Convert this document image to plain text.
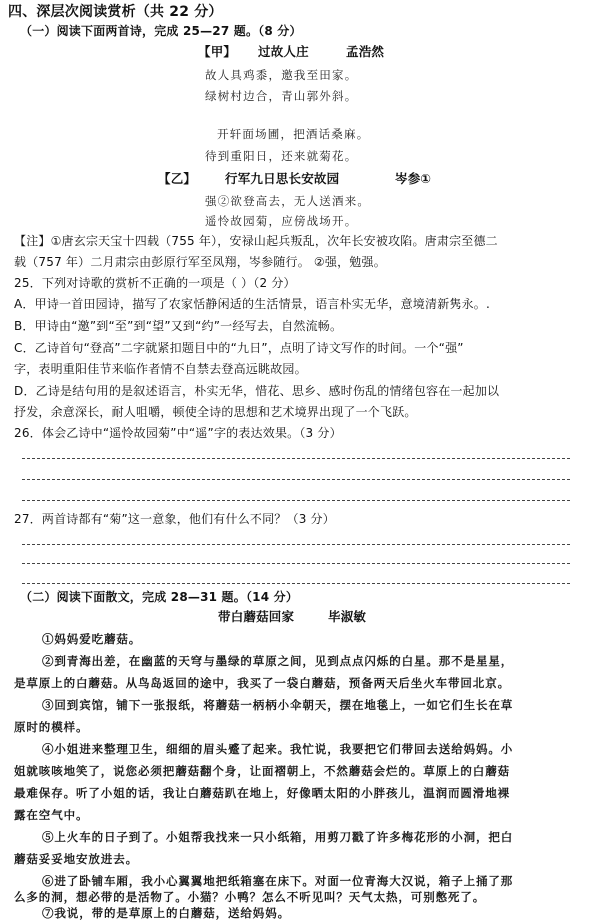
四、深层次阅读赏析（共 22 分）
（一）阅读下面两首诗，完成 25—27 题。（8 分）
【甲】 过故人庄	孟浩然
故人具鸡黍，邀我至田家。
绿树村边合，青山郭外斜。
开轩面场圃，把酒话桑麻。
待到重阳日，还来就菊花。
【乙】 行军九日思长安故园	岑参①
强②欲登高去，无人送酒来。
遥怜故园菊，应傍战场开。
【注】①唐玄宗天宝十四载（755 年），安禄山起兵叛乱，次年长安被攻陷。唐肃宗至德二
载（757 年）二月肃宗由彭原行军至凤翔，岑参随行。 ②强，勉强。
25．下列对诗歌的赏析不正确的一项是（ ）（2 分）
A．甲诗一首田园诗，描写了农家恬静闲适的生活情景，语言朴实无华，意境清新隽永。.
B．甲诗由“邀”到“至”到“望”又到“约”一经写去，自然流畅。
C．乙诗首句“登高”二字就紧扣题目中的“九日”，点明了诗文写作的时间。一个“强”
字，表明重阳佳节来临作者情不自禁去登高远眺故园。
D．乙诗是结句用的是叙述语言，朴实无华，惜花、思乡、感时伤乱的情绪包容在一起加以
抒发，余意深长，耐人咀嚼，顿使全诗的思想和艺术境界出现了一个飞跃。
26．体会乙诗中“遥怜故园菊”中“遥”字的表达效果。（3 分）
27．两首诗都有“菊”这一意象，他们有什么不同？（3 分）
（二）阅读下面散文，完成 28—31 题。（14 分）
带白蘑菇回家	毕淑敏
①妈妈爱吃蘑菇。
②到青海出差，在幽蓝的天穹与墨绿的草原之间，见到点点闪烁的白星。那不是星星，
是草原上的白蘑菇。从鸟岛返回的途中，我买了一袋白蘑菇，预备两天后坐火车带回北京。
③回到宾馆，铺下一张报纸，将蘑菇一柄柄小伞朝天，摆在地毯上，一如它们生长在草
原时的模样。
④小姐进来整理卫生，细细的眉头蹙了起来。我忙说，我要把它们带回去送给妈妈。小
姐就咳咳地笑了，说您必须把蘑菇翻个身，让面褶朝上，不然蘑菇会烂的。草原上的白蘑菇
最难保存。听了小姐的话，我让白蘑菇趴在地上，好像晒太阳的小胖孩儿，温润而圆滑地裸
露在空气中。
⑤上火车的日子到了。小姐帮我找来一只小纸箱，用剪刀戳了许多梅花形的小洞，把白
蘑菇妥妥地安放进去。
⑥进了卧铺车厢，我小心翼翼地把纸箱塞在床下。对面一位青海大汉说，箱子上捅了那
么多的洞，想必带的是活物了。小猫？小鸭？怎么不听见叫？天气太热，可别憋死了。
⑦我说，带的是草原上的白蘑菇，送给妈妈。
